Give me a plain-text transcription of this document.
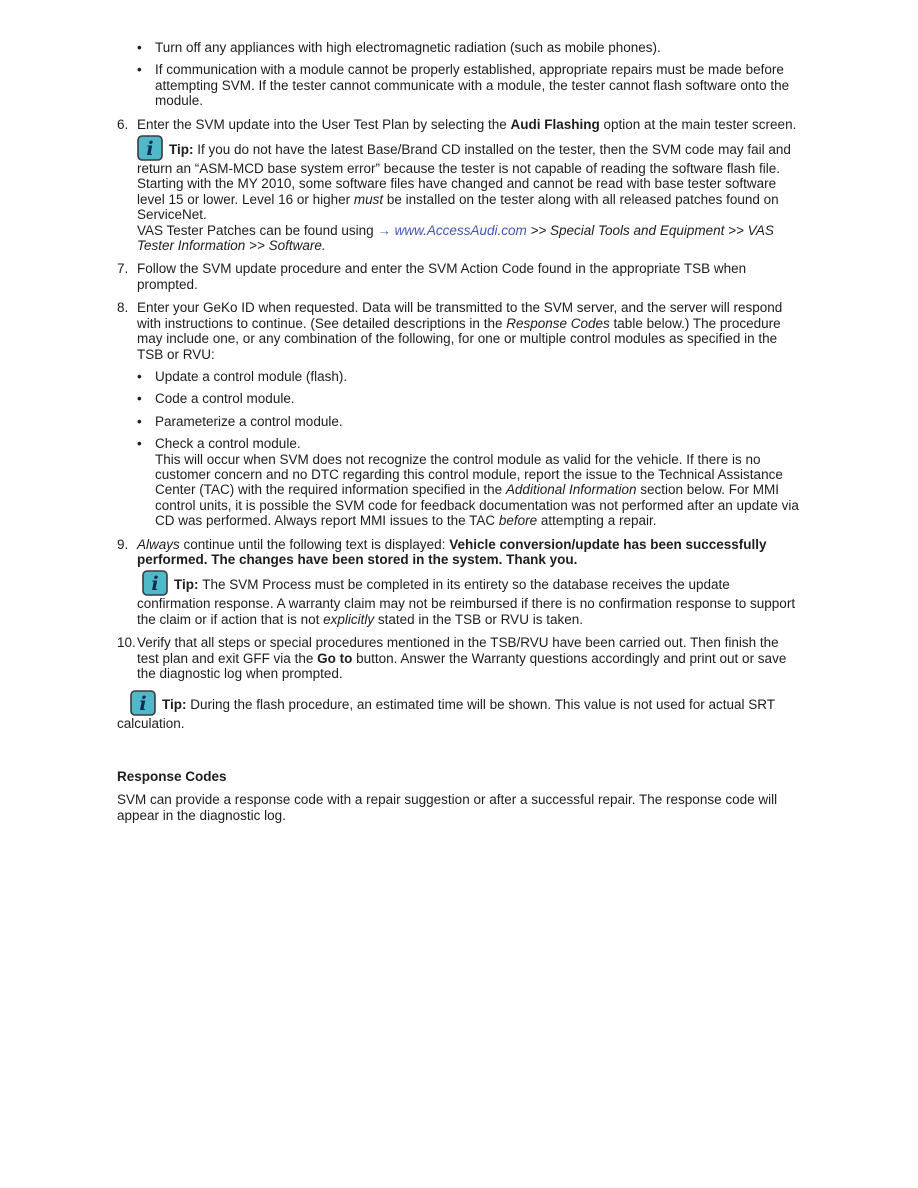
• Turn off any appliances with high electromagnetic radiation (such as mobile phones).
• If communication with a module cannot be properly established, appropriate repairs must be made before attempting SVM. If the tester cannot communicate with a module, the tester cannot flash software onto the module.
6. Enter the SVM update into the User Test Plan by selecting the Audi Flashing option at the main tester screen.
i Tip: If you do not have the latest Base/Brand CD installed on the tester, then the SVM code may fail and return an “ASM-MCD base system error” because the tester is not capable of reading the software flash file. Starting with the MY 2010, some software files have changed and cannot be read with base tester software level 15 or lower. Level 16 or higher must be installed on the tester along with all released patches found on ServiceNet.
VAS Tester Patches can be found using → www.AccessAudi.com >> Special Tools and Equipment >> VAS Tester Information >> Software.
7. Follow the SVM update procedure and enter the SVM Action Code found in the appropriate TSB when prompted.
8. Enter your GeKo ID when requested. Data will be transmitted to the SVM server, and the server will respond with instructions to continue. (See detailed descriptions in the Response Codes table below.) The procedure may include one, or any combination of the following, for one or multiple control modules as specified in the TSB or RVU:
• Update a control module (flash).
• Code a control module.
• Parameterize a control module.
• Check a control module.
This will occur when SVM does not recognize the control module as valid for the vehicle. If there is no customer concern and no DTC regarding this control module, report the issue to the Technical Assistance Center (TAC) with the required information specified in the Additional Information section below. For MMI control units, it is possible the SVM code for feedback documentation was not performed after an update via CD was performed. Always report MMI issues to the TAC before attempting a repair.
9. Always continue until the following text is displayed: Vehicle conversion/update has been successfully performed. The changes have been stored in the system. Thank you.
i Tip: The SVM Process must be completed in its entirety so the database receives the update confirmation response. A warranty claim may not be reimbursed if there is no confirmation response to support the claim or if action that is not explicitly stated in the TSB or RVU is taken.
10. Verify that all steps or special procedures mentioned in the TSB/RVU have been carried out. Then finish the test plan and exit GFF via the Go to button. Answer the Warranty questions accordingly and print out or save the diagnostic log when prompted.
i Tip: During the flash procedure, an estimated time will be shown. This value is not used for actual SRT calculation.
Response Codes
SVM can provide a response code with a repair suggestion or after a successful repair. The response code will appear in the diagnostic log.
